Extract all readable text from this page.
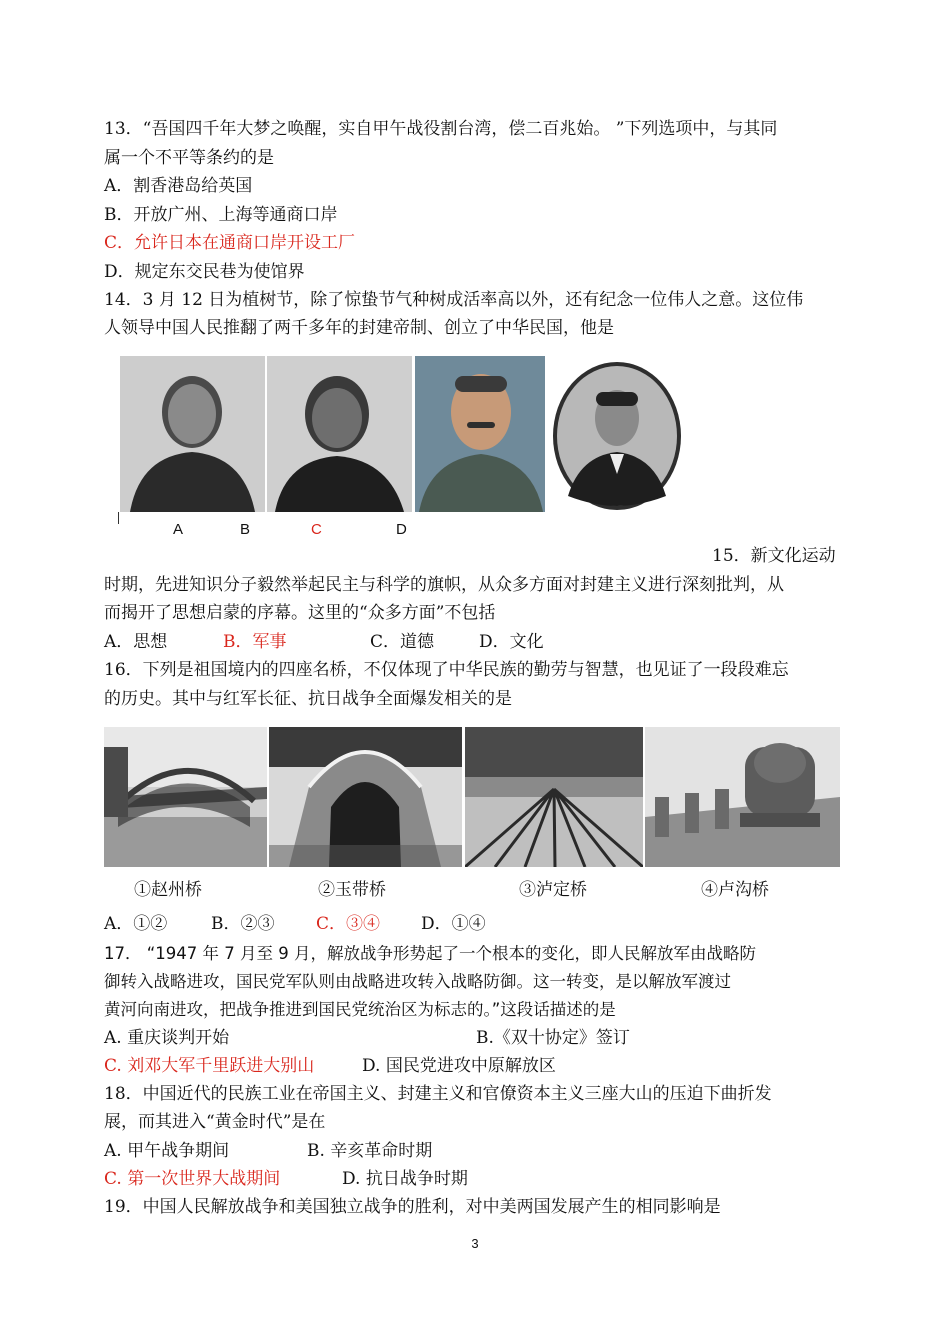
13．“吾国四千年大梦之唤醒，实自甲午战役割台湾，偿二百兆始。 ”下列选项中，与其同
属一个不平等条约的是
A．割香港岛给英国
B．开放广州、上海等通商口岸
C．允许日本在通商口岸开设工厂
D．规定东交民巷为使馆界
14．3 月 12 日为植树节，除了惊蛰节气种树成活率高以外，还有纪念一位伟人之意。这位伟
人领导中国人民推翻了两千多年的封建帝制、创立了中华民国，他是
A	B	C	D
15．新文化运动
时期，先进知识分子毅然举起民主与科学的旗帜，从众多方面对封建主义进行深刻批判，从
而揭开了思想启蒙的序幕。这里的“众多方面”不包括
A．思想	B．军事	C．道德	D．文化
16．下列是祖国境内的四座名桥，不仅体现了中华民族的勤劳与智慧，也见证了一段段难忘
的历史。其中与红军长征、抗日战争全面爆发相关的是
①赵州桥	②玉带桥	③泸定桥	④卢沟桥
A．①②	B．②③ C．③④ D．①④
17． “1947 年 7 月至 9 月，解放战争形势起了一个根本的变化，即人民解放军由战略防
御转入战略进攻，国民党军队则由战略进攻转入战略防御。这一转变，是以解放军渡过
黄河向南进攻，把战争推进到国民党统治区为标志的。”这段话描述的是
A. 重庆谈判开始	B.《双十协定》签订
C. 刘邓大军千里跃进大别山	D. 国民党进攻中原解放区
18．中国近代的民族工业在帝国主义、封建主义和官僚资本主义三座大山的压迫下曲折发
展，而其进入“黄金时代”是在
A. 甲午战争期间	B. 辛亥革命时期
C. 第一次世界大战期间	D. 抗日战争时期
19．中国人民解放战争和美国独立战争的胜利，对中美两国发展产生的相同影响是
3
